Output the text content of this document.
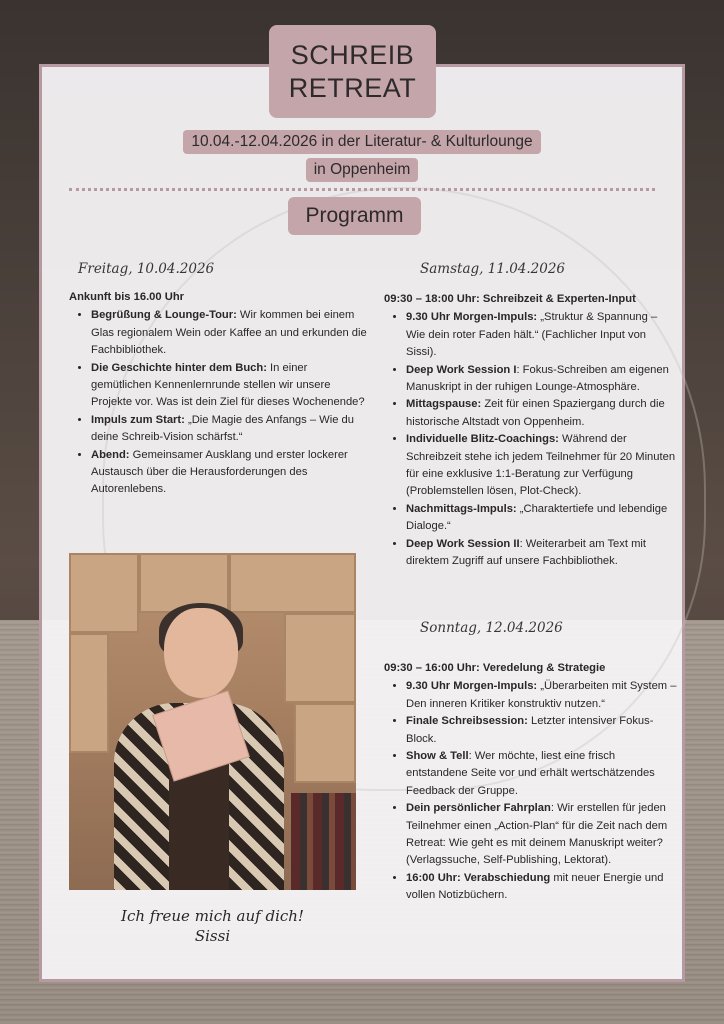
SCHREIB
RETREAT
10.04.-12.04.2026 in der Literatur- & Kulturlounge
in Oppenheim
Programm
Freitag, 10.04.2026
Ankunft bis 16.00 Uhr
• Begrüßung & Lounge-Tour: Wir kommen bei einem Glas regionalem Wein oder Kaffee an und erkunden die Fachbibliothek.
• Die Geschichte hinter dem Buch: In einer gemütlichen Kennenlernrunde stellen wir unsere Projekte vor. Was ist dein Ziel für dieses Wochenende?
• Impuls zum Start: „Die Magie des Anfangs – Wie du deine Schreib-Vision schärfst.“
• Abend: Gemeinsamer Ausklang und erster lockerer Austausch über die Herausforderungen des Autorenlebens.
Samstag, 11.04.2026
09:30 – 18:00 Uhr: Schreibzeit & Experten-Input
• 9.30 Uhr Morgen-Impuls: „Struktur & Spannung – Wie dein roter Faden hält.“ (Fachlicher Input von Sissi).
• Deep Work Session I: Fokus-Schreiben am eigenen Manuskript in der ruhigen Lounge-Atmosphäre.
• Mittagspause: Zeit für einen Spaziergang durch die historische Altstadt von Oppenheim.
• Individuelle Blitz-Coachings: Während der Schreibzeit stehe ich jedem Teilnehmer für 20 Minuten für eine exklusive 1:1-Beratung zur Verfügung (Problemstellen lösen, Plot-Check).
• Nachmittags-Impuls: „Charaktertiefe und lebendige Dialoge.“
• Deep Work Session II: Weiterarbeit am Text mit direktem Zugriff auf unsere Fachbibliothek.
Sonntag, 12.04.2026
09:30 – 16:00 Uhr: Veredelung & Strategie
• 9.30 Uhr Morgen-Impuls: „Überarbeiten mit System – Den inneren Kritiker konstruktiv nutzen.“
• Finale Schreibsession: Letzter intensiver Fokus-Block.
• Show & Tell: Wer möchte, liest eine frisch entstandene Seite vor und erhält wertschätzendes Feedback der Gruppe.
• Dein persönlicher Fahrplan: Wir erstellen für jeden Teilnehmer einen „Action-Plan“ für die Zeit nach dem Retreat: Wie geht es mit deinem Manuskript weiter? (Verlagssuche, Self-Publishing, Lektorat).
• 16:00 Uhr: Verabschiedung mit neuer Energie und vollen Notizbüchern.
Ich freue mich auf dich!
Sissi
